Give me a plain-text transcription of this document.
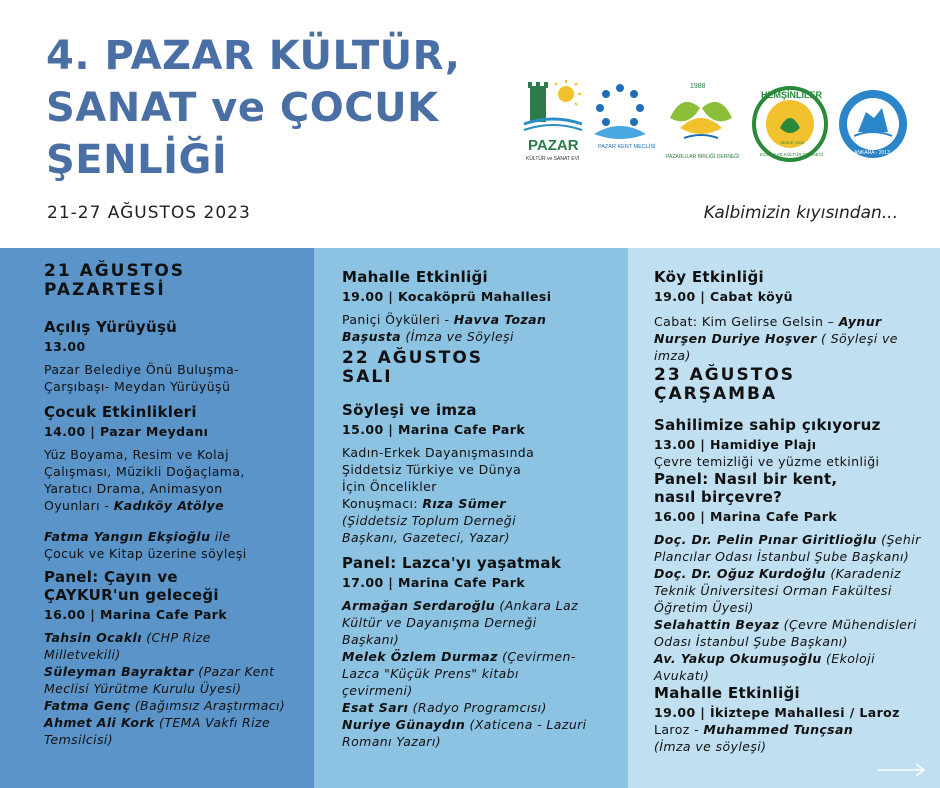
4. PAZAR KÜLTÜR,
SANAT ve ÇOCUK
ŞENLİĞİ
21-27 AĞUSTOS 2023	Kalbimizin kıyısından...
PAZAR
KÜLTÜR ve SANAT EVİ
PAZAR KENT MECLİSİ
1988
PAZARLILAR BİRLİĞİ DERNEĞİ
HEMŞİNLİLER
EĞİTİM VE KÜLTÜR DERNEĞİ
SENDE 1968
ANKARA - 2013
21 AĞUSTOS
PAZARTESİ

Açılış Yürüyüşü

13.00

Pazar Belediye Önü Buluşma-
Çarşıbaşı- Meydan Yürüyüşü

Çocuk Etkinlikleri

14.00 | Pazar Meydanı

Yüz Boyama, Resim ve Kolaj
Çalışması, Müzikli Doğaçlama,
Yaratıcı Drama, Animasyon
Oyunları - Kadıköy Atölye

Fatma Yangın Ekşioğlu ile
Çocuk ve Kitap üzerine söyleşi

Panel: Çayın ve
ÇAYKUR'un geleceği

16.00 | Marina Cafe Park

Tahsin Ocaklı (CHP Rize
Milletvekili)

Süleyman Bayraktar (Pazar Kent
Meclisi Yürütme Kurulu Üyesi)

Fatma Genç (Bağımsız Araştırmacı)

Ahmet Ali Kork (TEMA Vakfı Rize
Temsilcisi)

Mahalle Etkinliği

19.00 | Kocaköprü Mahallesi

Paniçi Öyküleri - Havva Tozan
Başusta (İmza ve Söyleşi

22 AĞUSTOS
SALI

Söyleşi ve imza

15.00 | Marina Cafe Park

Kadın-Erkek Dayanışmasında
Şiddetsiz Türkiye ve Dünya
İçin Öncelikler
Konuşmacı: Rıza Sümer
(Şiddetsiz Toplum Derneği
Başkanı, Gazeteci, Yazar)

Panel: Lazca'yı yaşatmak

17.00 | Marina Cafe Park

Armağan Serdaroğlu (Ankara Laz
Kültür ve Dayanışma Derneği
Başkanı)

Melek Özlem Durmaz (Çevirmen-
Lazca "Küçük Prens" kitabı
çevirmeni)

Esat Sarı (Radyo Programcısı)

Nuriye Günaydın (Xaticena - Lazuri
Romanı Yazarı)

Köy Etkinliği

19.00 | Cabat köyü

Cabat: Kim Gelirse Gelsin – Aynur
Nurşen Duriye Hoşver ( Söyleşi ve
imza)

23 AĞUSTOS
ÇARŞAMBA

Sahilimize sahip çıkıyoruz

13.00 | Hamidiye Plajı

Çevre temizliği ve yüzme etkinliği

Panel: Nasıl bir kent,
nasıl birçevre?

16.00 | Marina Cafe Park

Doç. Dr. Pelin Pınar Giritlioğlu (Şehir
Plancılar Odası İstanbul Şube Başkanı)

Doç. Dr. Oğuz Kurdoğlu (Karadeniz
Teknik Üniversitesi Orman Fakültesi
Öğretim Üyesi)

Selahattin Beyaz (Çevre Mühendisleri
Odası İstanbul Şube Başkanı)

Av. Yakup Okumuşoğlu (Ekoloji
Avukatı)

Mahalle Etkinliği

19.00 | İkiztepe Mahallesi / Laroz

Laroz - Muhammed Tunçsan
(İmza ve söyleşi)
